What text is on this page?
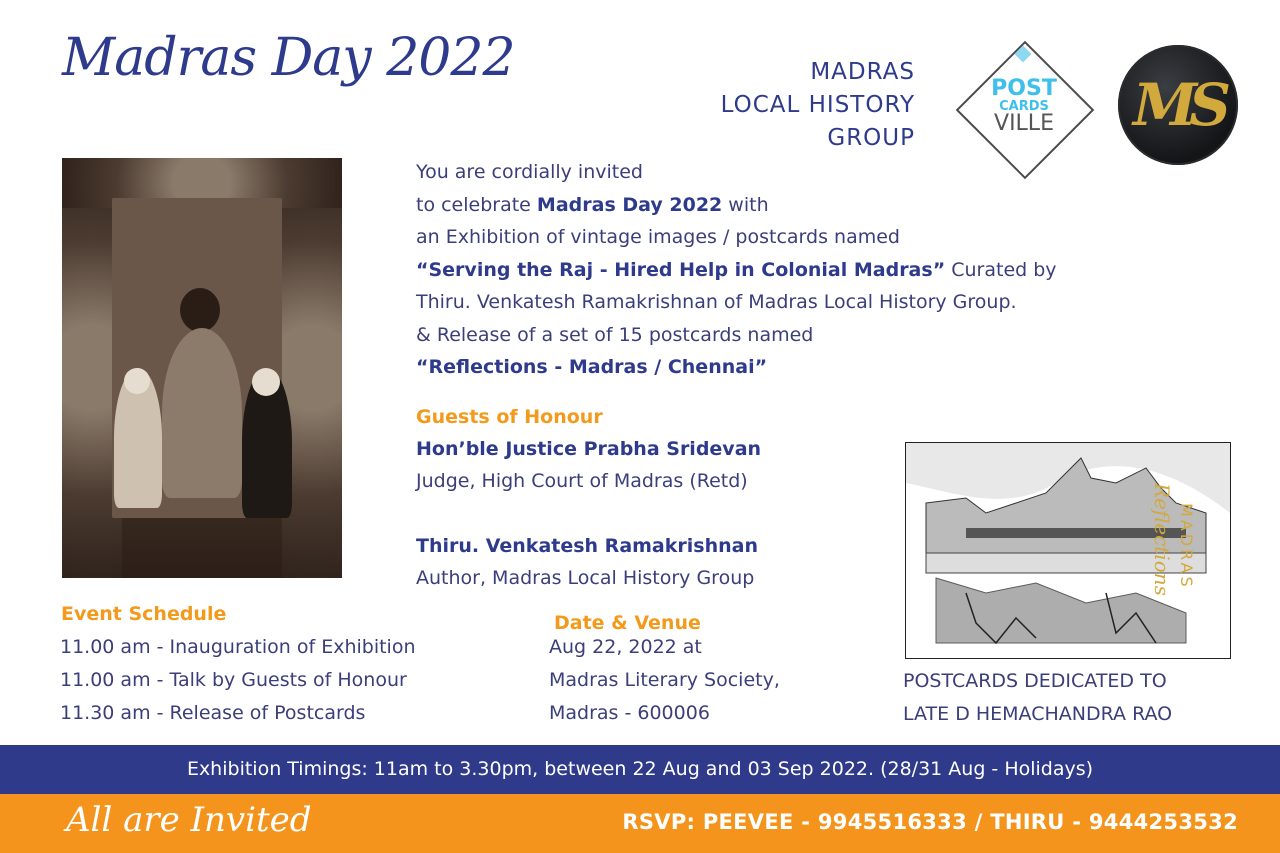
Madras Day 2022	MADRAS
LOCAL HISTORY
GROUP
POST
CARDS
VILLE	MS
You are cordially invited
to celebrate Madras Day 2022 with
an Exhibition of vintage images / postcards named
“Serving the Raj - Hired Help in Colonial Madras” Curated by
Thiru. Venkatesh Ramakrishnan of Madras Local History Group.
& Release of a set of 15 postcards named
“Reflections - Madras / Chennai”
Guests of Honour
Hon’ble Justice Prabha Sridevan
Judge, High Court of Madras (Retd)
Thiru. Venkatesh Ramakrishnan
Author, Madras Local History Group
Event Schedule
11.00 am - Inauguration of Exhibition
11.00 am - Talk by Guests of Honour
11.30 am - Release of Postcards
Date & Venue
Aug 22, 2022 at
Madras Literary Society,
Madras - 600006
Reflections MADRAS
POSTCARDS DEDICATED TO
LATE D HEMACHANDRA RAO
Exhibition Timings: 11am to 3.30pm, between 22 Aug and 03 Sep 2022. (28/31 Aug - Holidays)
All are Invited	RSVP: PEEVEE - 9945516333 / THIRU - 9444253532
